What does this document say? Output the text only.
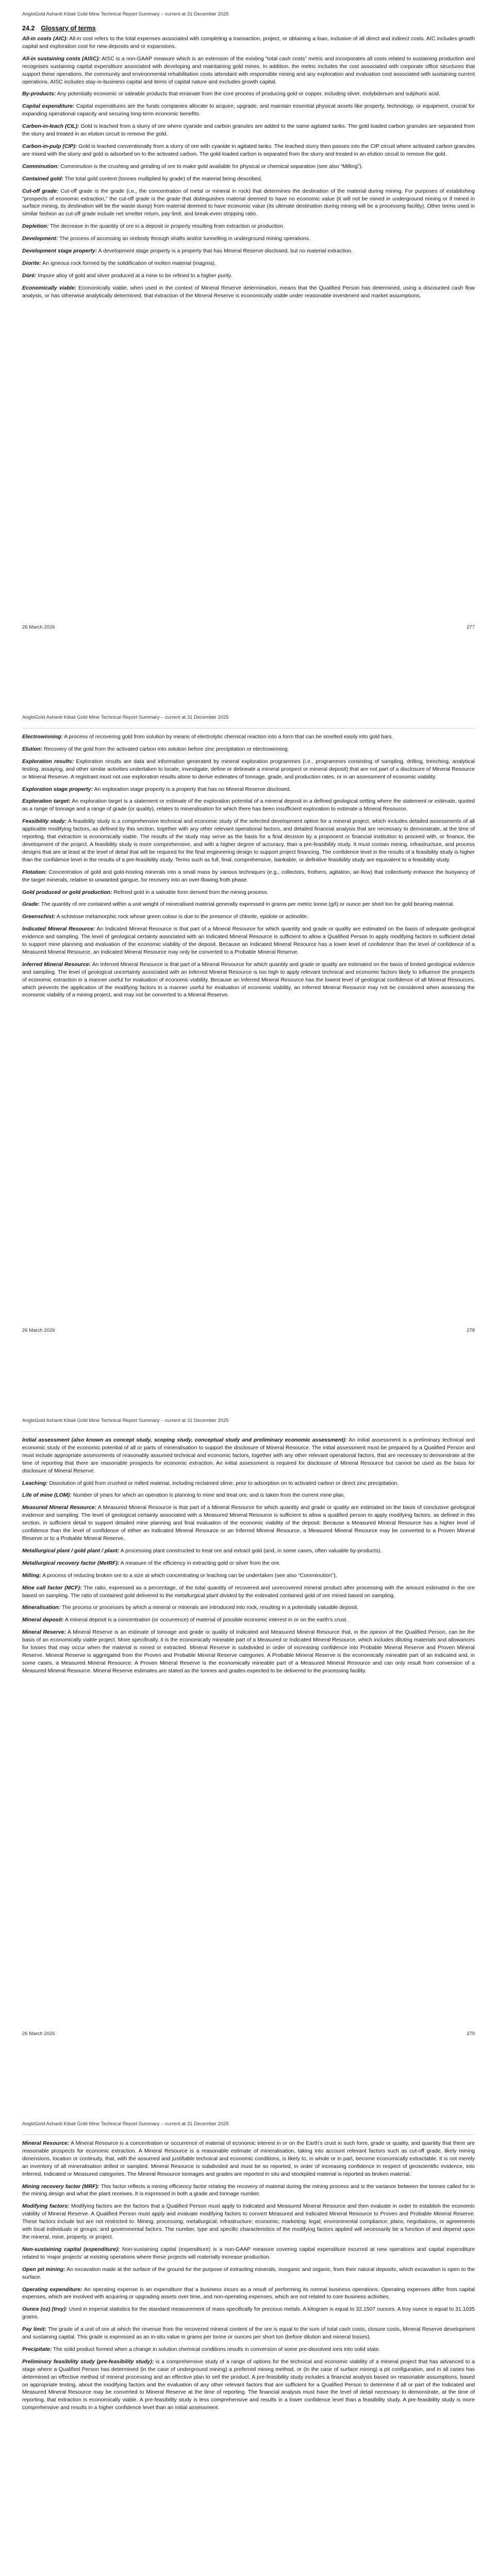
AngloGold Ashanti Kibali Gold Mine Technical Report Summary – current at 31 December 2025
24.2 Glossary of terms

All-in costs (AIC): All-in cost refers to the total expenses associated with completing a transaction, project, or obtaining a loan, inclusive of all direct and indirect costs. AIC includes growth capital and exploration cost for new deposits and or expansions.

All-in sustaining costs (AISC): AISC is a non-GAAP measure which is an extension of the existing “total cash costs” metric and incorporates all costs related to sustaining production and recognises sustaining capital expenditure associated with developing and maintaining gold mines. In addition, the metric includes the cost associated with corporate office structures that support these operations, the community and environmental rehabilitation costs attendant with responsible mining and any exploration and evaluation cost associated with sustaining current operations. AISC includes stay-in-business capital and items of capital nature and excludes growth capital.

By-products: Any potentially economic or saleable products that emanate from the core process of producing gold or copper, including silver, molybdenum and sulphuric acid.

Capital expenditure: Capital expenditures are the funds companies allocate to acquire, upgrade, and maintain essential physical assets like property, technology, or equipment, crucial for expanding operational capacity and securing long-term economic benefits.

Carbon-in-leach (CIL): Gold is leached from a slurry of ore where cyanide and carbon granules are added to the same agitated tanks. The gold loaded carbon granules are separated from the slurry and treated in an elution circuit to remove the gold.

Carbon-in-pulp (CIP): Gold is leached conventionally from a slurry of ore with cyanide in agitated tanks. The leached slurry then passes into the CIP circuit where activated carbon granules are mixed with the slurry and gold is adsorbed on to the activated carbon. The gold-loaded carbon is separated from the slurry and treated in an elution circuit to remove the gold.

Comminution: Comminution is the crushing and grinding of ore to make gold available for physical or chemical separation (see also “Milling”).

Contained gold: The total gold content (tonnes multiplied by grade) of the material being described.

Cut-off grade: Cut-off grade is the grade (i.e., the concentration of metal or mineral in rock) that determines the destination of the material during mining. For purposes of establishing “prospects of economic extraction,” the cut-off grade is the grade that distinguishes material deemed to have no economic value (it will not be mined in underground mining or if mined in surface mining, its destination will be the waste dump) from material deemed to have economic value (its ultimate destination during mining will be a processing facility). Other terms used in similar fashion as cut-off grade include net smelter return, pay limit, and break-even stripping ratio.

Depletion: The decrease in the quantity of ore in a deposit or property resulting from extraction or production.

Development: The process of accessing an orebody through shafts and/or tunnelling in underground mining operations.

Development stage property: A development stage property is a property that has Mineral Reserve disclosed, but no material extraction.

Diorite: An igneous rock formed by the solidification of molten material (magma).

Doré: Impure alloy of gold and silver produced at a mine to be refined to a higher purity.

Economically viable: Economically viable, when used in the context of Mineral Reserve determination, means that the Qualified Person has determined, using a discounted cash flow analysis, or has otherwise analytically determined, that extraction of the Mineral Reserve is economically viable under reasonable investment and market assumptions.

26 March 2026	277
AngloGold Ashanti Kibali Gold Mine Technical Report Summary – current at 31 December 2025

Electrowinning: A process of recovering gold from solution by means of electrolytic chemical reaction into a form that can be smelted easily into gold bars.

Elution: Recovery of the gold from the activated carbon into solution before zinc precipitation or electrowinning.

Exploration results: Exploration results are data and information generated by mineral exploration programmes (i.e., programmes consisting of sampling, drilling, trenching, analytical testing, assaying, and other similar activities undertaken to locate, investigate, define or delineate a mineral prospect or mineral deposit) that are not part of a disclosure of Mineral Resource or Mineral Reserve. A registrant must not use exploration results alone to derive estimates of tonnage, grade, and production rates, or in an assessment of economic viability.

Exploration stage property: An exploration stage property is a property that has no Mineral Reserve disclosed.

Exploration target: An exploration target is a statement or estimate of the exploration potential of a mineral deposit in a defined geological setting where the statement or estimate, quoted as a range of tonnage and a range of grade (or quality), relates to mineralisation for which there has been insufficient exploration to estimate a Mineral Resource.

Feasibility study: A feasibility study is a comprehensive technical and economic study of the selected development option for a mineral project, which includes detailed assessments of all applicable modifying factors, as defined by this section, together with any other relevant operational factors, and detailed financial analysis that are necessary to demonstrate, at the time of reporting, that extraction is economically viable. The results of the study may serve as the basis for a final decision by a proponent or financial institution to proceed with, or finance, the development of the project. A feasibility study is more comprehensive, and with a higher degree of accuracy, than a pre-feasibility study. It must contain mining, infrastructure, and process designs that are at least at the level of detail that will be required for the final engineering design to support project financing. The confidence level in the results of a feasibility study is higher than the confidence level in the results of a pre-feasibility study. Terms such as full, final, comprehensive, bankable, or definitive feasibility study are equivalent to a feasibility study.

Flotation: Concentration of gold and gold-hosting minerals into a small mass by various techniques (e.g., collectors, frothers, agitation, air-flow) that collectively enhance the buoyancy of the target minerals, relative to unwanted gangue, for recovery into an over-flowing froth phase.

Gold produced or gold production: Refined gold in a saleable form derived from the mining process.

Grade: The quantity of ore contained within a unit weight of mineralised material generally expressed in grams per metric tonne (g/t) or ounce per short ton for gold bearing material.

Greenschist: A schistose metamorphic rock whose green colour is due to the presence of chlorite, epidote or actinolite.

Indicated Mineral Resource: An Indicated Mineral Resource is that part of a Mineral Resource for which quantity and grade or quality are estimated on the basis of adequate geological evidence and sampling. The level of geological certainty associated with an Indicated Mineral Resource is sufficient to allow a Qualified Person to apply modifying factors in sufficient detail to support mine planning and evaluation of the economic viability of the deposit. Because an Indicated Mineral Resource has a lower level of confidence than the level of confidence of a Measured Mineral Resource, an Indicated Mineral Resource may only be converted to a Probable Mineral Reserve.

Inferred Mineral Resource: An Inferred Mineral Resource is that part of a Mineral Resource for which quantity and grade or quality are estimated on the basis of limited geological evidence and sampling. The level of geological uncertainty associated with an Inferred Mineral Resource is too high to apply relevant technical and economic factors likely to influence the prospects of economic extraction in a manner useful for evaluation of economic viability. Because an Inferred Mineral Resource has the lowest level of geological confidence of all Mineral Resources, which prevents the application of the modifying factors in a manner useful for evaluation of economic viability, an Inferred Mineral Resource may not be considered when assessing the economic viability of a mining project, and may not be converted to a Mineral Reserve.

26 March 2026	278
AngloGold Ashanti Kibali Gold Mine Technical Report Summary – current at 31 December 2025

Initial assessment (also known as concept study, scoping study, conceptual study and preliminary economic assessment): An initial assessment is a preliminary technical and economic study of the economic potential of all or parts of mineralisation to support the disclosure of Mineral Resource. The initial assessment must be prepared by a Qualified Person and must include appropriate assessments of reasonably assumed technical and economic factors, together with any other relevant operational factors, that are necessary to demonstrate at the time of reporting that there are reasonable prospects for economic extraction. An initial assessment is required for disclosure of Mineral Resource but cannot be used as the basis for disclosure of Mineral Reserve.

Leaching: Dissolution of gold from crushed or milled material, including reclaimed slime, prior to adsorption on to activated carbon or direct zinc precipitation.

Life of mine (LOM): Number of years for which an operation is planning to mine and treat ore, and is taken from the current mine plan.

Measured Mineral Resource: A Measured Mineral Resource is that part of a Mineral Resource for which quantity and grade or quality are estimated on the basis of conclusive geological evidence and sampling. The level of geological certainty associated with a Measured Mineral Resource is sufficient to allow a qualified person to apply modifying factors, as defined in this section, in sufficient detail to support detailed mine planning and final evaluation of the economic viability of the deposit. Because a Measured Mineral Resource has a higher level of confidence than the level of confidence of either an Indicated Mineral Resource or an Inferred Mineral Resource, a Measured Mineral Resource may be converted to a Proven Mineral Reserve or to a Probable Mineral Reserve.

Metallurgical plant / gold plant / plant: A processing plant constructed to treat ore and extract gold (and, in some cases, often valuable by-products).

Metallurgical recovery factor (MetRF): A measure of the efficiency in extracting gold or silver from the ore.

Milling: A process of reducing broken ore to a size at which concentrating or leaching can be undertaken (see also “Comminution”).

Mine call factor (MCF): The ratio, expressed as a percentage, of the total quantity of recovered and unrecovered mineral product after processing with the amount estimated in the ore based on sampling. The ratio of contained gold delivered to the metallurgical plant divided by the estimated contained gold of ore mined based on sampling.

Mineralisation: The process or processes by which a mineral or minerals are introduced into rock, resulting in a potentially valuable deposit.

Mineral deposit: A mineral deposit is a concentration (or occurrence) of material of possible economic interest in or on the earth’s crust.

Mineral Reserve: A Mineral Reserve is an estimate of tonnage and grade or quality of Indicated and Measured Mineral Resource that, in the opinion of the Qualified Person, can be the basis of an economically viable project. More specifically, it is the economically mineable part of a Measured or Indicated Mineral Resource, which includes diluting materials and allowances for losses that may occur when the material is mined or extracted. Mineral Reserve is subdivided in order of increasing confidence into Probable Mineral Reserve and Proven Mineral Reserve. Mineral Reserve is aggregated from the Proven and Probable Mineral Reserve categories. A Probable Mineral Reserve is the economically mineable part of an Indicated and, in some cases, a Measured Mineral Resource. A Proven Mineral Reserve is the economically mineable part of a Measured Mineral Resource and can only result from conversion of a Measured Mineral Resource. Mineral Reserve estimates are stated as the tonnes and grades expected to be delivered to the processing facility.

26 March 2026	279
AngloGold Ashanti Kibali Gold Mine Technical Report Summary – current at 31 December 2025

Mineral Resource: A Mineral Resource is a concentration or occurrence of material of economic interest in or on the Earth’s crust in such form, grade or quality, and quantity that there are reasonable prospects for economic extraction. A Mineral Resource is a reasonable estimate of mineralisation, taking into account relevant factors such as cut-off grade, likely mining dimensions, location or continuity, that, with the assumed and justifiable technical and economic conditions, is likely to, in whole or in part, become economically extractable. It is not merely an inventory of all mineralisation drilled or sampled. Mineral Resource is subdivided and must be so reported, in order of increasing confidence in respect of geoscientific evidence, into Inferred, Indicated or Measured categories. The Mineral Resource tonnages and grades are reported in situ and stockpiled material is reported as broken material.

Mining recovery factor (MRF): This factor reflects a mining efficiency factor relating the recovery of material during the mining process and is the variance between the tonnes called for in the mining design and what the plant receives. It is expressed in both a grade and tonnage number.

Modifying factors: Modifying factors are the factors that a Qualified Person must apply to Indicated and Measured Mineral Resource and then evaluate in order to establish the economic viability of Mineral Reserve. A Qualified Person must apply and evaluate modifying factors to convert Measured and Indicated Mineral Resource to Proven and Probable Mineral Reserve. These factors include but are not restricted to: Mining; processing; metallurgical; infrastructure; economic; marketing; legal; environmental compliance; plans, negotiations, or agreements with local individuals or groups; and governmental factors. The number, type and specific characteristics of the modifying factors applied will necessarily be a function of and depend upon the mineral, mine, property, or project.

Non-sustaining capital (expenditure): Non-sustaining capital (expenditure) is a non-GAAP measure covering capital expenditure incurred at new operations and capital expenditure related to ‘major projects’ at existing operations where these projects will materially increase production.

Open pit mining: An excavation made at the surface of the ground for the purpose of extracting minerals, inorganic and organic, from their natural deposits, which excavation is open to the surface.

Operating expenditure: An operating expense is an expenditure that a business incurs as a result of performing its normal business operations. Operating expenses differ from capital expenses, which are involved with acquiring or upgrading assets over time, and non-operating expenses, which are not related to core business activities.

Ounce (oz) (troy): Used in imperial statistics for the standard measurement of mass specifically for precious metals. A kilogram is equal to 32.1507 ounces. A troy ounce is equal to 31.1035 grams.

Pay limit: The grade of a unit of ore at which the revenue from the recovered mineral content of the ore is equal to the sum of total cash costs, closure costs, Mineral Reserve development and sustaining capital. This grade is expressed as an in-situ value in grams per tonne or ounces per short ton (before dilution and mineral losses).

Precipitate: The solid product formed when a change in solution chemical conditions results in conversion of some pre-dissolved ions into solid state.

Preliminary feasibility study (pre-feasibility study): is a comprehensive study of a range of options for the technical and economic viability of a mineral project that has advanced to a stage where a Qualified Person has determined (in the case of underground mining) a preferred mining method, or (in the case of surface mining) a pit configuration, and in all cases has determined an effective method of mineral processing and an effective plan to sell the product. A pre-feasibility study includes a financial analysis based on reasonable assumptions, based on appropriate testing, about the modifying factors and the evaluation of any other relevant factors that are sufficient for a Qualified Person to determine if all or part of the Indicated and Measured Mineral Resource may be converted to Mineral Reserve at the time of reporting. The financial analysis must have the level of detail necessary to demonstrate, at the time of reporting, that extraction is economically viable. A pre-feasibility study is less comprehensive and results in a lower confidence level than a feasibility study. A pre-feasibility study is more comprehensive and results in a higher confidence level than an initial assessment.
